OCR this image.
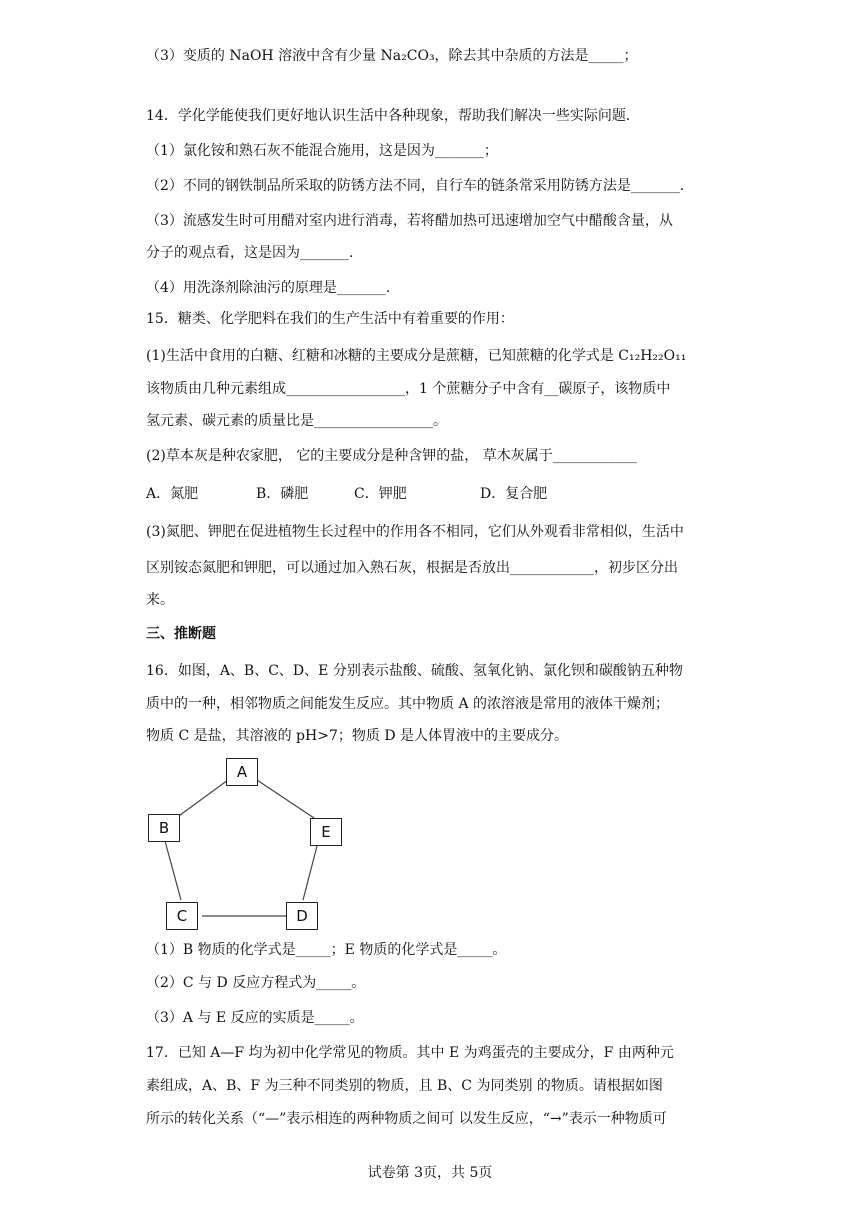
（3）变质的 NaOH 溶液中含有少量 Na₂CO₃，除去其中杂质的方法是_____；
14．学化学能使我们更好地认识生活中各种现象，帮助我们解决一些实际问题.
（1）氯化铵和熟石灰不能混合施用，这是因为_______；
（2）不同的钢铁制品所采取的防锈方法不同，自行车的链条常采用防锈方法是_______.
（3）流感发生时可用醋对室内进行消毒，若将醋加热可迅速增加空气中醋酸含量，从
分子的观点看，这是因为_______.
（4）用洗涤剂除油污的原理是_______.
15．糖类、化学肥料在我们的生产生活中有着重要的作用：
(1)生活中食用的白糖、红糖和冰糖的主要成分是蔗糖，已知蔗糖的化学式是 C₁₂H₂₂O₁₁
该物质由几种元素组成_________________，1 个蔗糖分子中含有__碳原子，该物质中
氢元素、碳元素的质量比是_________________。
(2)草本灰是种农家肥， 它的主要成分是种含钾的盐， 草木灰属于____________
A．氮肥	B．磷肥	C．钾肥	D．复合肥
(3)氮肥、钾肥在促进植物生长过程中的作用各不相同，它们从外观看非常相似，生活中
区别铵态氮肥和钾肥，可以通过加入熟石灰，根据是否放出____________，初步区分出
来。
三、推断题
16．如图，A、B、C、D、E 分别表示盐酸、硫酸、氢氧化钠、氯化钡和碳酸钠五种物
质中的一种，相邻物质之间能发生反应。其中物质 A 的浓溶液是常用的液体干燥剂；
物质 C 是盐，其溶液的 pH>7；物质 D 是人体胃液中的主要成分。
A
B	E
C	D
（1）B 物质的化学式是_____；E 物质的化学式是_____。
（2）C 与 D 反应方程式为_____。
（3）A 与 E 反应的实质是_____。
17．已知 A—F 均为初中化学常见的物质。其中 E 为鸡蛋壳的主要成分，F 由两种元
素组成，A、B、F 为三种不同类别的物质，且 B、C 为同类别 的物质。请根据如图
所示的转化关系（“—”表示相连的两种物质之间可 以发生反应，“→”表示一种物质可
试卷第 3页，共 5页
